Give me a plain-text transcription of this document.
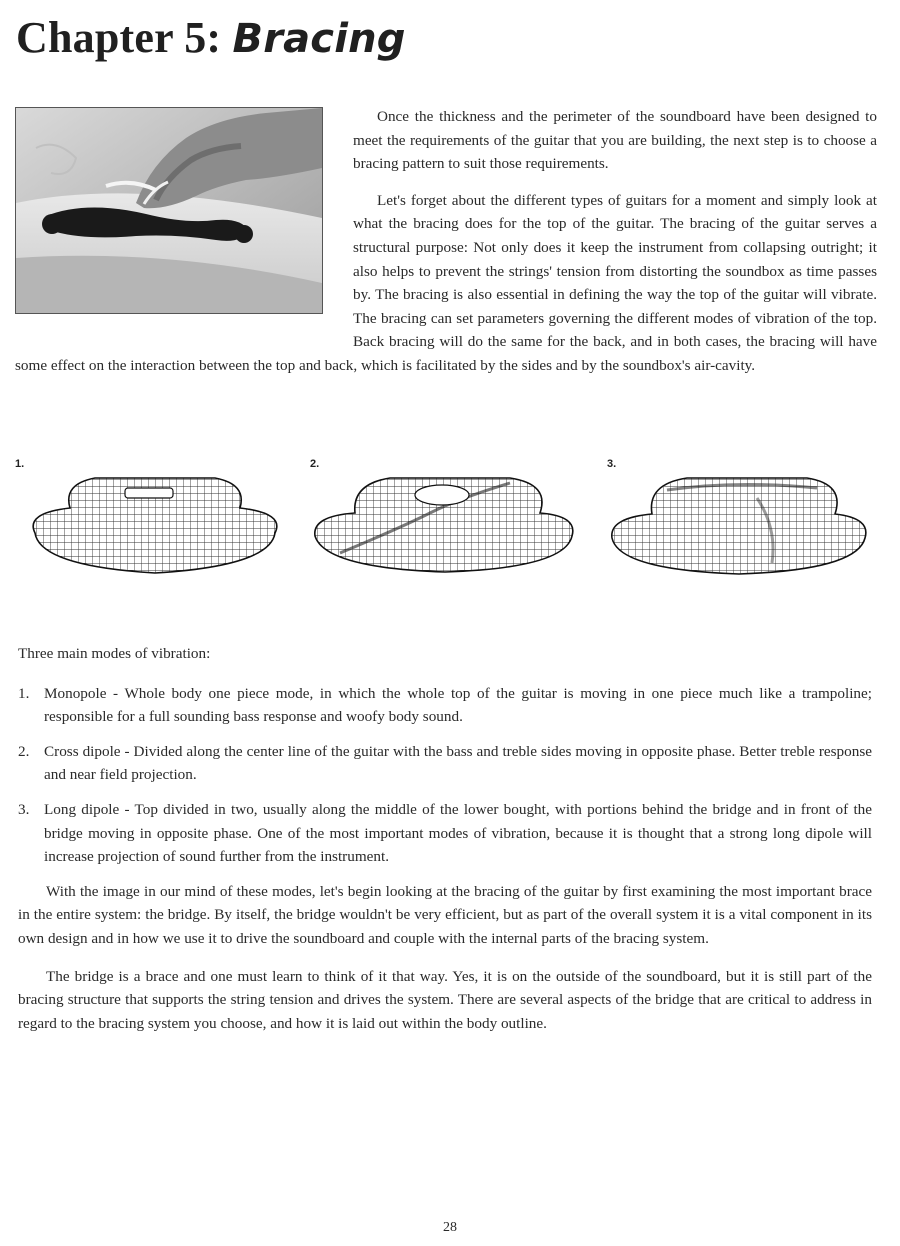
Chapter 5: Bracing

Once the thickness and the perimeter of the soundboard have been designed to meet the requirements of the guitar that you are building, the next step is to choose a bracing pattern to suit those requirements.

Let's forget about the different types of guitars for a moment and simply look at what the bracing does for the top of the guitar. The bracing of the guitar serves a structural purpose: Not only does it keep the instrument from collapsing outright; it also helps to prevent the strings' tension from distorting the soundbox as time passes by. The bracing is also essential in defining the way the top of the guitar will vibrate. The bracing can set parameters governing the different modes of vibration of the top. Back bracing will do the same for the back, and in both cases, the bracing will have some effect on the interaction between the top and back, which is facilitated by the sides and by the soundbox's air-cavity.

1.	2.	3.

Three main modes of vibration:

1. Monopole - Whole body one piece mode, in which the whole top of the guitar is moving in one piece much like a trampoline; responsible for a full sounding bass response and woofy body sound.
2. Cross dipole - Divided along the center line of the guitar with the bass and treble sides moving in opposite phase. Better treble response and near field projection.
3. Long dipole - Top divided in two, usually along the middle of the lower bought, with portions behind the bridge and in front of the bridge moving in opposite phase. One of the most important modes of vibration, because it is thought that a strong long dipole will increase projection of sound further from the instrument.

With the image in our mind of these modes, let's begin looking at the bracing of the guitar by first examining the most important brace in the entire system: the bridge. By itself, the bridge wouldn't be very efficient, but as part of the overall system it is a vital component in its own design and in how we use it to drive the soundboard and couple with the internal parts of the bracing system.

The bridge is a brace and one must learn to think of it that way. Yes, it is on the outside of the soundboard, but it is still part of the bracing structure that supports the string tension and drives the system. There are several aspects of the bridge that are critical to address in regard to the bracing system you choose, and how it is laid out within the body outline.

28
